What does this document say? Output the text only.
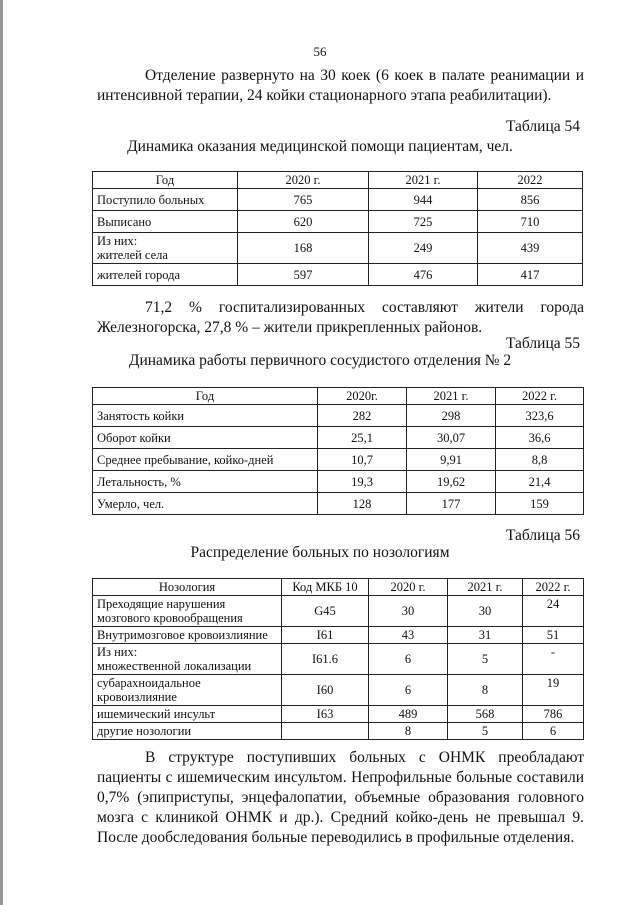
56
Отделение развернуто на 30 коек (6 коек в палате реанимации и интенсивной терапии, 24 койки стационарного этапа реабилитации).
Таблица 54
Динамика оказания медицинской помощи пациентам, чел.
Год	2020 г.	2021 г.	2022
Поступило больных	765	944	856
Выписано	620	725	710

Из них:
жителей села	168	249	439
жителей города	597	476	417
71,2 % госпитализированных составляют жители города Железногорска, 27,8 % – жители прикрепленных районов.
Таблица 55
Динамика работы первичного сосудистого отделения № 2
Год	2020г.	2021 г.	2022 г.
Занятость койки	282	298	323,6
Оборот койки	25,1	30,07	36,6
Среднее пребывание, койко-дней	10,7	9,91	8,8
Летальность, %	19,3	19,62	21,4
Умерло, чел.	128	177	159
Таблица 56
Распределение больных по нозологиям
Нозология	Код МКБ 10	2020 г.	2021 г.	2022 г.

Преходящие нарушения
мозгового кровообращения	G45	30	30	24
Внутримозговое кровоизлияние	I61	43	31	51

Из них:
множественной локализации	I61.6	6	5	-

субарахноидальное
кровоизлияние	I60	6	8	19
ишемический инсульт	I63	489	568	786
другие нозологии		8	5	6
В структуре поступивших больных с ОНМК преобладают пациенты с ишемическим инсультом. Непрофильные больные составили 0,7% (эпиприступы, энцефалопатии, объемные образования головного мозга с клиникой ОНМК и др.). Средний койко-день не превышал 9. После дообследования больные переводились в профильные отделения.
